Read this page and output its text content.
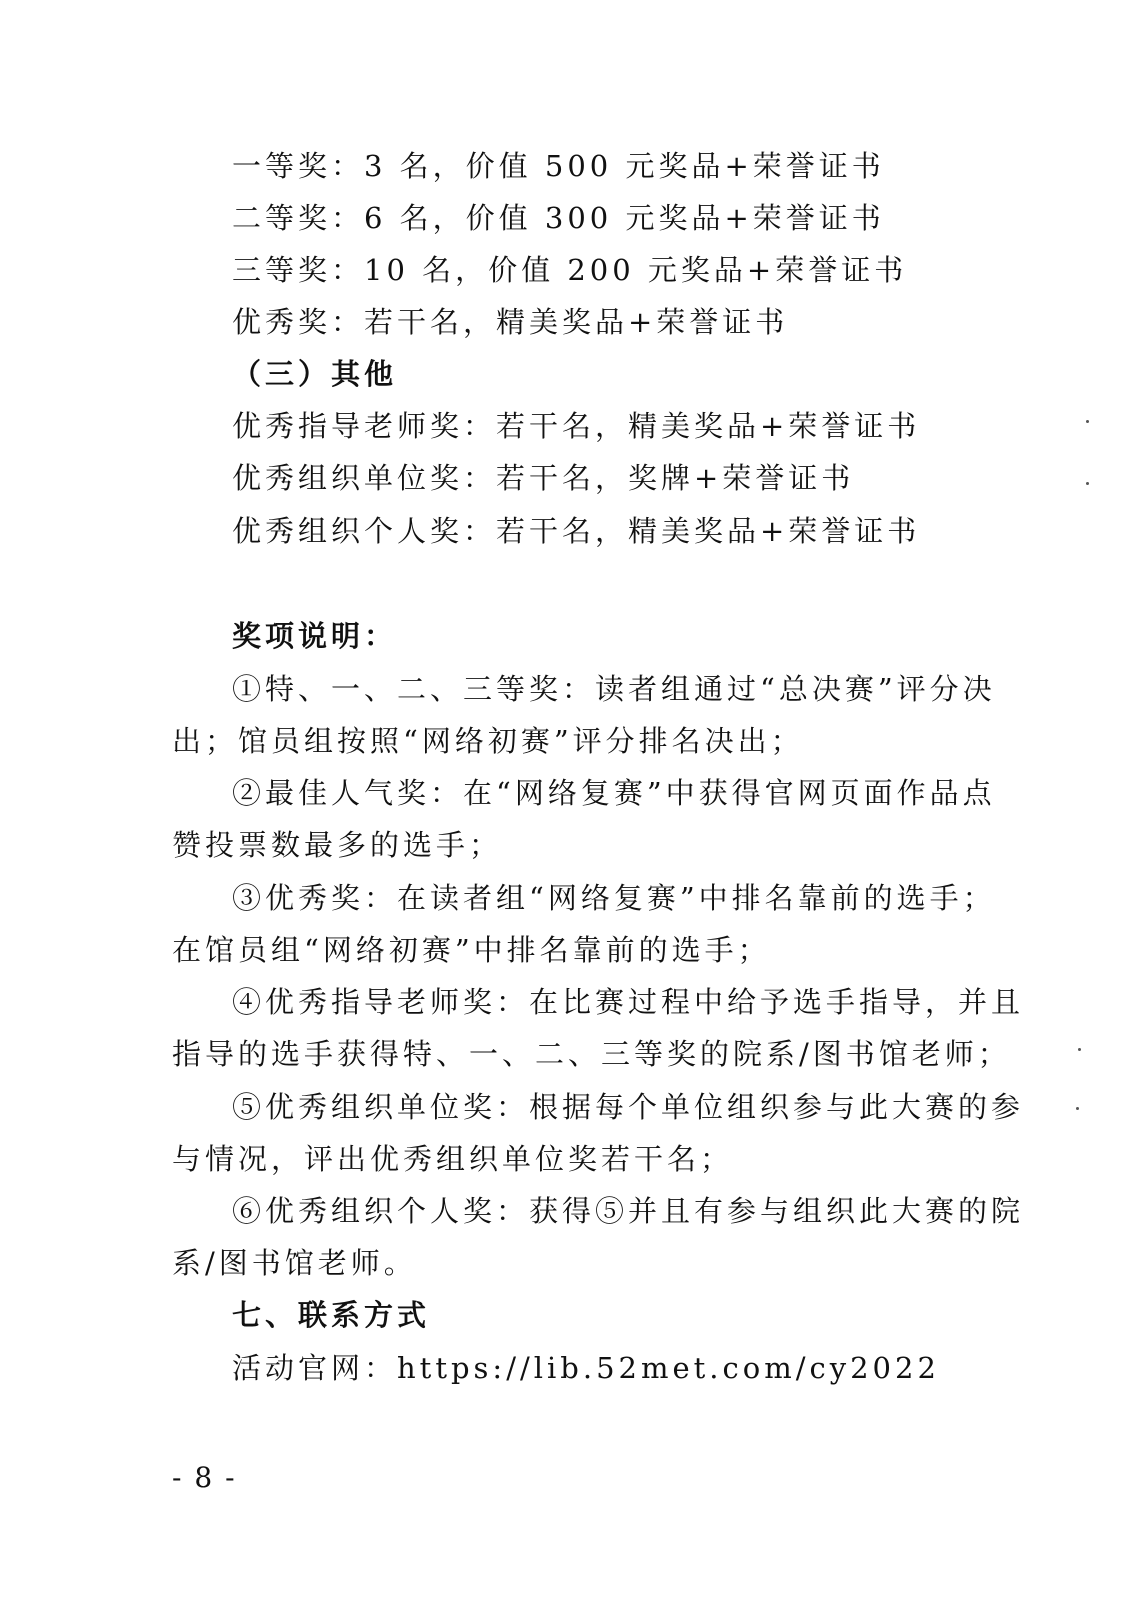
一等奖：3 名，价值 500 元奖品+荣誉证书
二等奖：6 名，价值 300 元奖品+荣誉证书
三等奖：10 名，价值 200 元奖品+荣誉证书
优秀奖：若干名，精美奖品+荣誉证书
（三）其他
优秀指导老师奖：若干名，精美奖品+荣誉证书
优秀组织单位奖：若干名，奖牌+荣誉证书
优秀组织个人奖：若干名，精美奖品+荣誉证书
奖项说明：
①特、一、二、三等奖：读者组通过“总决赛”评分决
出；馆员组按照“网络初赛”评分排名决出；
②最佳人气奖：在“网络复赛”中获得官网页面作品点
赞投票数最多的选手；
③优秀奖：在读者组“网络复赛”中排名靠前的选手；
在馆员组“网络初赛”中排名靠前的选手；
④优秀指导老师奖：在比赛过程中给予选手指导，并且
指导的选手获得特、一、二、三等奖的院系/图书馆老师；
⑤优秀组织单位奖：根据每个单位组织参与此大赛的参
与情况，评出优秀组织单位奖若干名；
⑥优秀组织个人奖：获得⑤并且有参与组织此大赛的院
系/图书馆老师。
七、联系方式
活动官网：https://lib.52met.com/cy2022
- 8 -
